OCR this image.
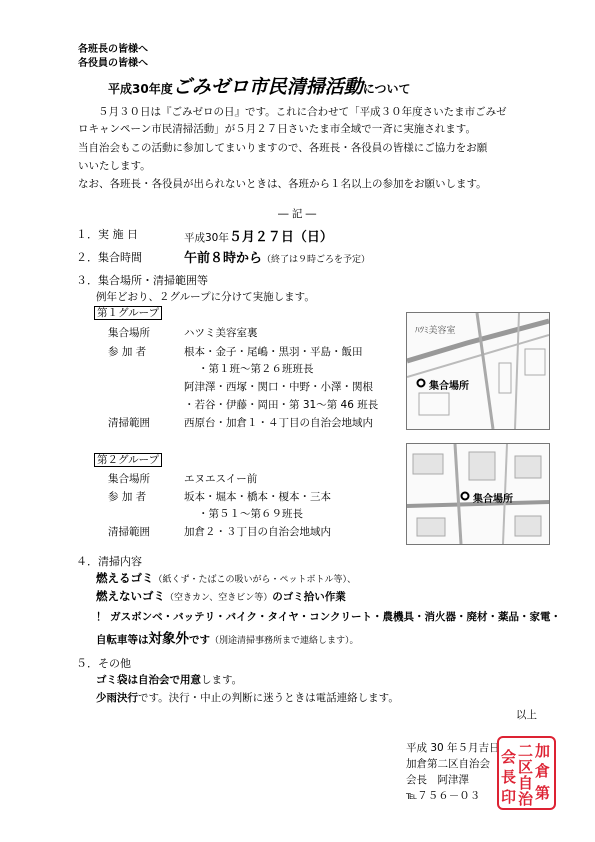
各班長の皆様へ
各役員の皆様へ
平成30年度ごみゼロ市民清掃活動について
５月３０日は『ごみゼロの日』です。これに合わせて「平成３０年度さいたま市ごみゼ
ロキャンペーン市民清掃活動」が５月２７日さいたま市全域で一斉に実施されます。
当自治会もこの活動に参加してまいりますので、各班長・各役員の皆様にご協力をお願
いいたします。
なお、各班長・各役員が出られないときは、各班から１名以上の参加をお願いします。
― 記 ―
１．実 施 日	平成30年５月２７日（日）
２．集合時間	午前８時から（終了は９時ごろを予定）
３．集合場所・清掃範囲等
例年どおり、２グループに分けて実施します。
第１グループ
集合場所	ハツミ美容室裏
参 加 者	根本・金子・尾嶋・黒羽・平島・飯田
・第１班～第２６班班長
阿津澤・西塚・関口・中野・小澤・関根
・若谷・伊藤・岡田・第 31～第 46 班長
清掃範囲	西原台・加倉１・４丁目の自治会地域内
ﾊﾂﾐ美容室
集合場所
第２グループ
集合場所	エヌエスイー前
参 加 者	坂本・堀本・橋本・榎本・三本
・第５１～第６９班長
清掃範囲	加倉２・３丁目の自治会地域内
集合場所
４．清掃内容
燃えるゴミ（紙くず・たばこの吸いがら・ペットボトル等）、
燃えないゴミ（空きカン、空きビン等）のゴミ拾い作業
！ ガスボンベ・バッテリ・バイク・タイヤ・コンクリート・農機具・消火器・廃材・薬品・家電・
自転車等は対象外です（別途清掃事務所まで連絡します）。
５．その他
ゴミ袋は自治会で用意します。
少雨決行です。決行・中止の判断に迷うときは電話連絡します。
以上
平成 30 年５月吉日
加倉第二区自治会
会長　阿津澤
℡７５６－０３
加
倉
第
二
区
自
治
会
長
印
